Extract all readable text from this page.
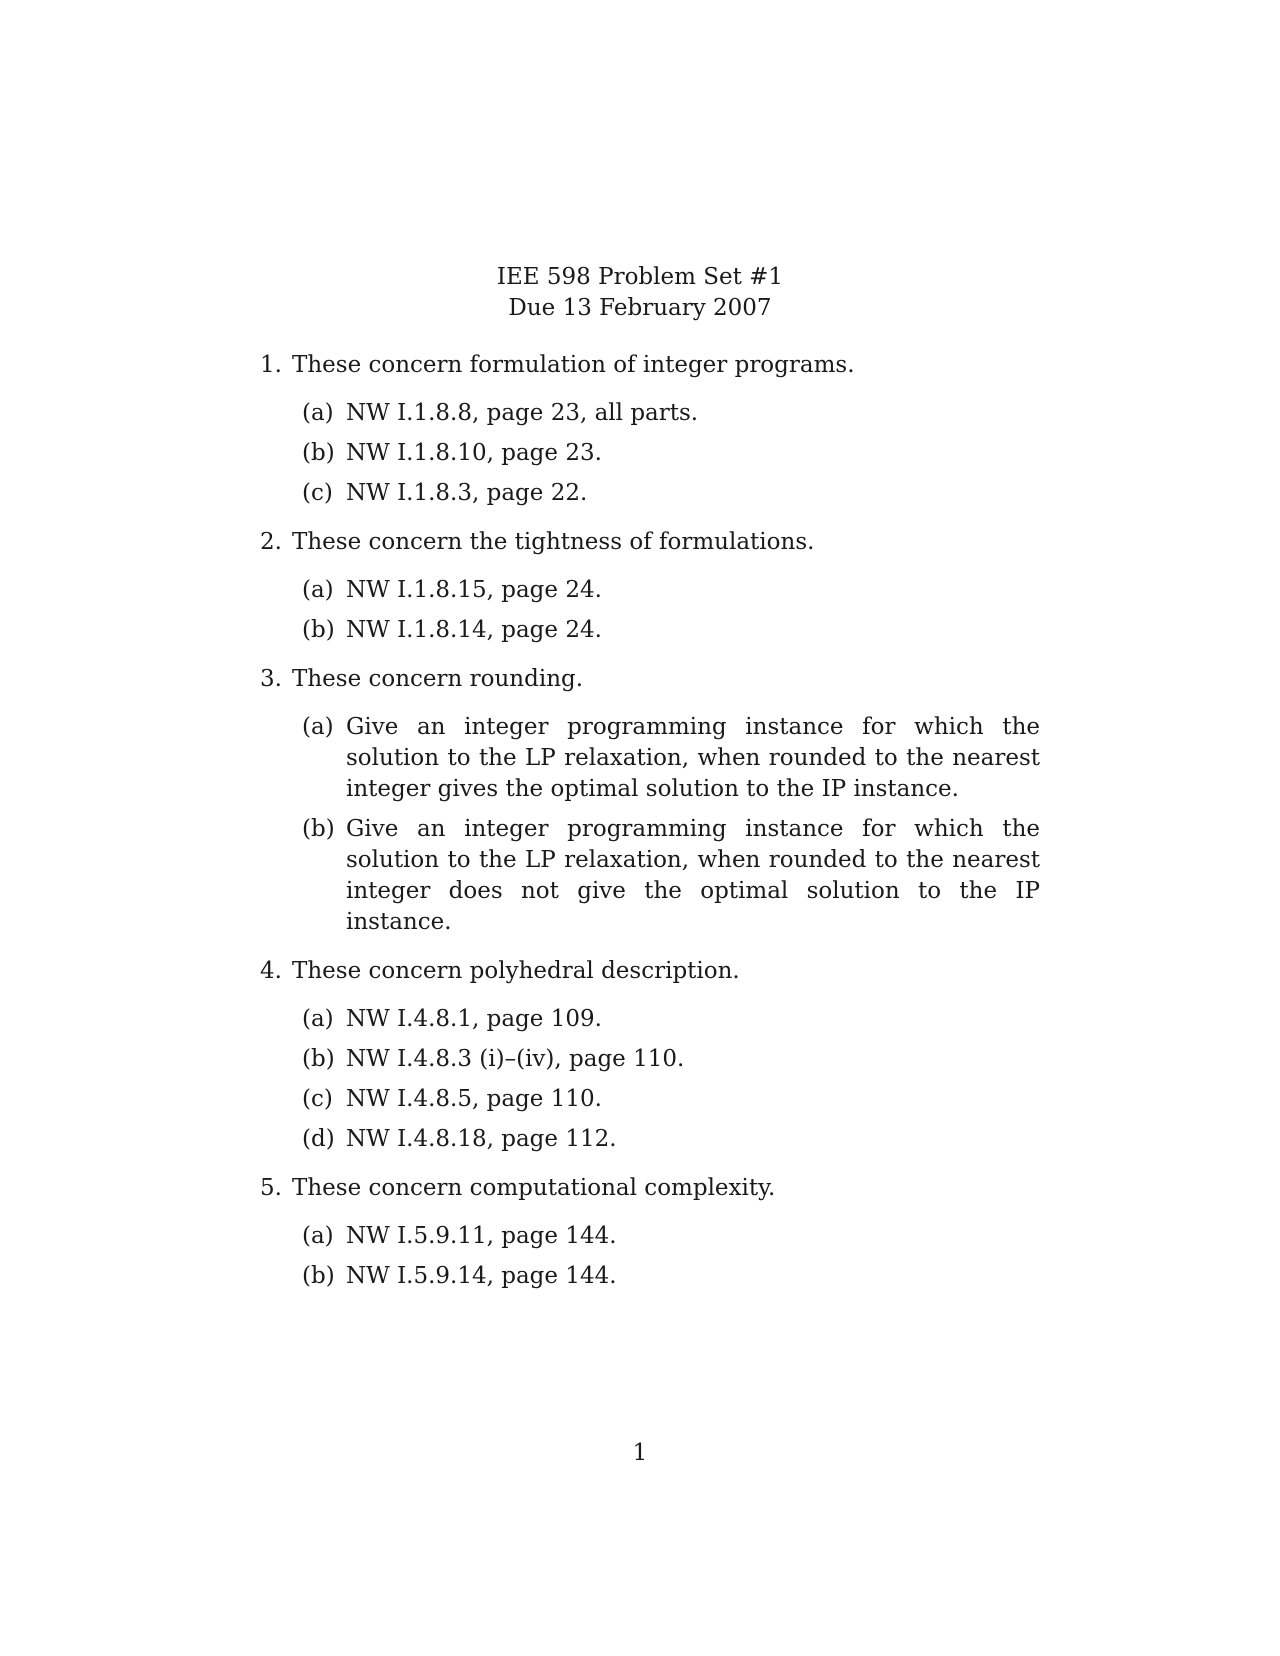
IEE 598 Problem Set #1
Due 13 February 2007
1. These concern formulation of integer programs.
(a) NW I.1.8.8, page 23, all parts.
(b) NW I.1.8.10, page 23.
(c) NW I.1.8.3, page 22.
2. These concern the tightness of formulations.
(a) NW I.1.8.15, page 24.
(b) NW I.1.8.14, page 24.
3. These concern rounding.
(a) Give an integer programming instance for which the solution to the LP relaxation, when rounded to the nearest integer gives the optimal solution to the IP instance.
(b) Give an integer programming instance for which the solution to the LP relaxation, when rounded to the nearest integer does not give the optimal solution to the IP instance.
4. These concern polyhedral description.
(a) NW I.4.8.1, page 109.
(b) NW I.4.8.3 (i)–(iv), page 110.
(c) NW I.4.8.5, page 110.
(d) NW I.4.8.18, page 112.
5. These concern computational complexity.
(a) NW I.5.9.11, page 144.
(b) NW I.5.9.14, page 144.
1
